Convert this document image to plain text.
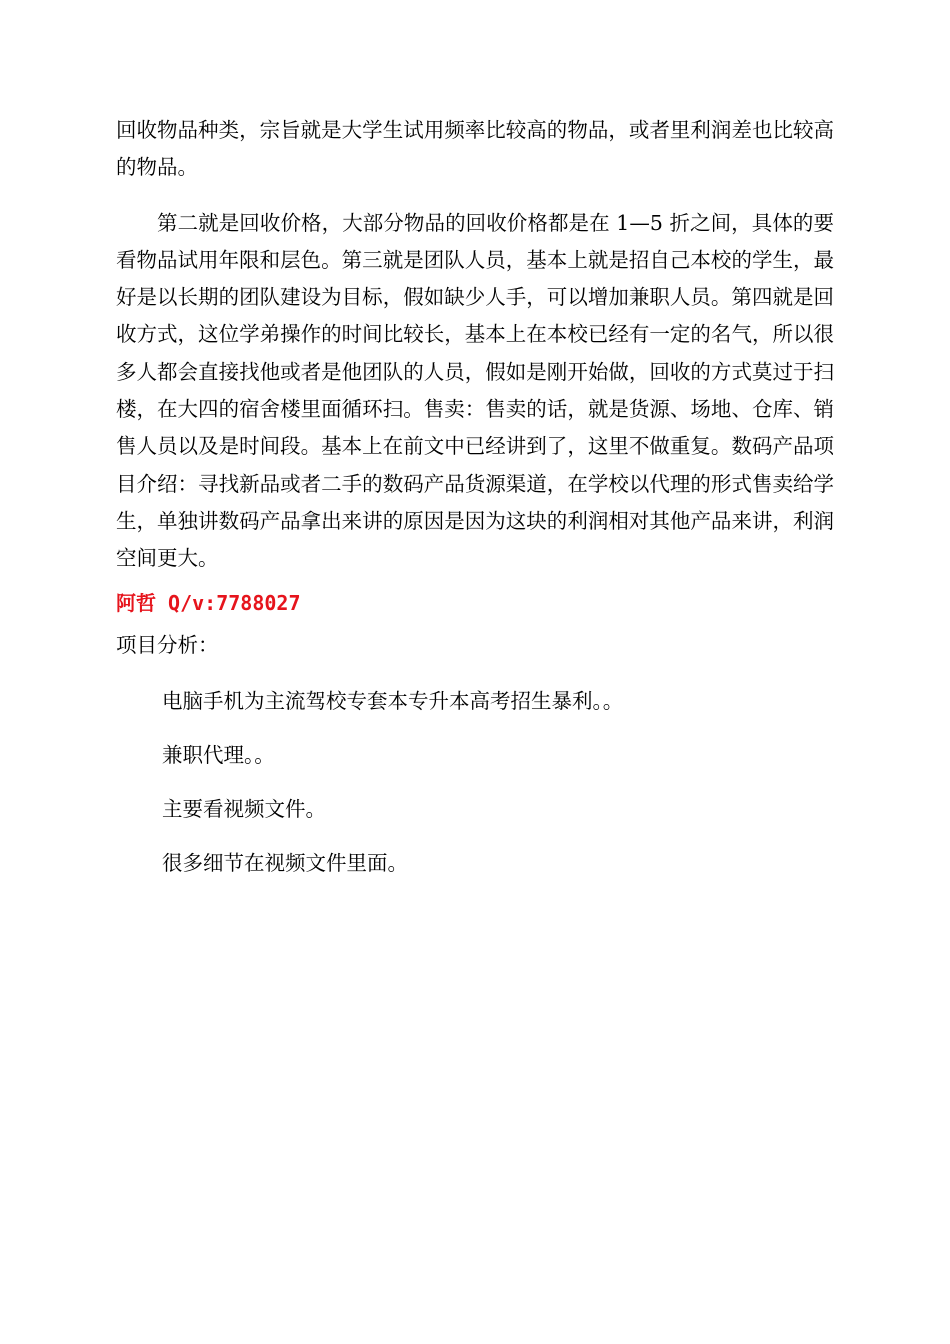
回收物品种类，宗旨就是大学生试用频率比较高的物品，或者里利润差也比较高的物品。

第二就是回收价格，大部分物品的回收价格都是在 1—5 折之间，具体的要看物品试用年限和层色。第三就是团队人员，基本上就是招自己本校的学生，最好是以长期的团队建设为目标，假如缺少人手，可以增加兼职人员。第四就是回收方式，这位学弟操作的时间比较长，基本上在本校已经有一定的名气，所以很多人都会直接找他或者是他团队的人员，假如是刚开始做，回收的方式莫过于扫楼，在大四的宿舍楼里面循环扫。售卖：售卖的话，就是货源、场地、仓库、销售人员以及是时间段。基本上在前文中已经讲到了，这里不做重复。数码产品项目介绍：寻找新品或者二手的数码产品货源渠道，在学校以代理的形式售卖给学生，单独讲数码产品拿出来讲的原因是因为这块的利润相对其他产品来讲，利润空间更大。

阿哲 Q/v:7788027
项目分析：
电脑手机为主流驾校专套本专升本高考招生暴利。。
兼职代理。。
主要看视频文件。
很多细节在视频文件里面。
